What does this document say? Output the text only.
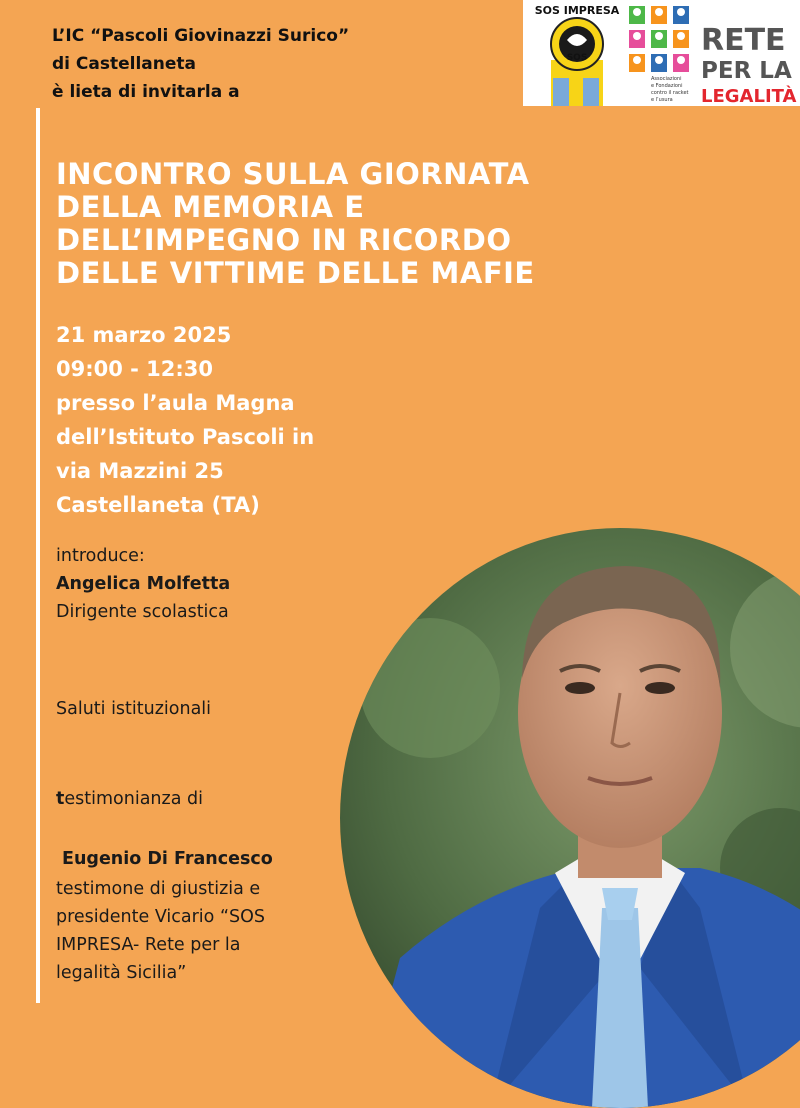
L’IC “Pascoli Giovinazzi Surico”
di Castellaneta
è lieta di invitarla a
SOS IMPRESA
SOS
Associazioni
e Fondazioni
contro il racket
e l’usura
RETE
PER LA
LEGALITÀ
INCONTRO SULLA GIORNATA
DELLA MEMORIA E
DELL’IMPEGNO IN RICORDO
DELLE VITTIME DELLE MAFIE
21 marzo 2025
09:00 - 12:30
presso l’aula Magna
dell’Istituto Pascoli in
via Mazzini 25
Castellaneta (TA)
introduce:
Angelica Molfetta
Dirigente scolastica
Saluti istituzionali
testimonianza di
Eugenio Di Francesco
testimone di giustizia e
presidente Vicario “SOS
IMPRESA- Rete per la
legalità Sicilia”
